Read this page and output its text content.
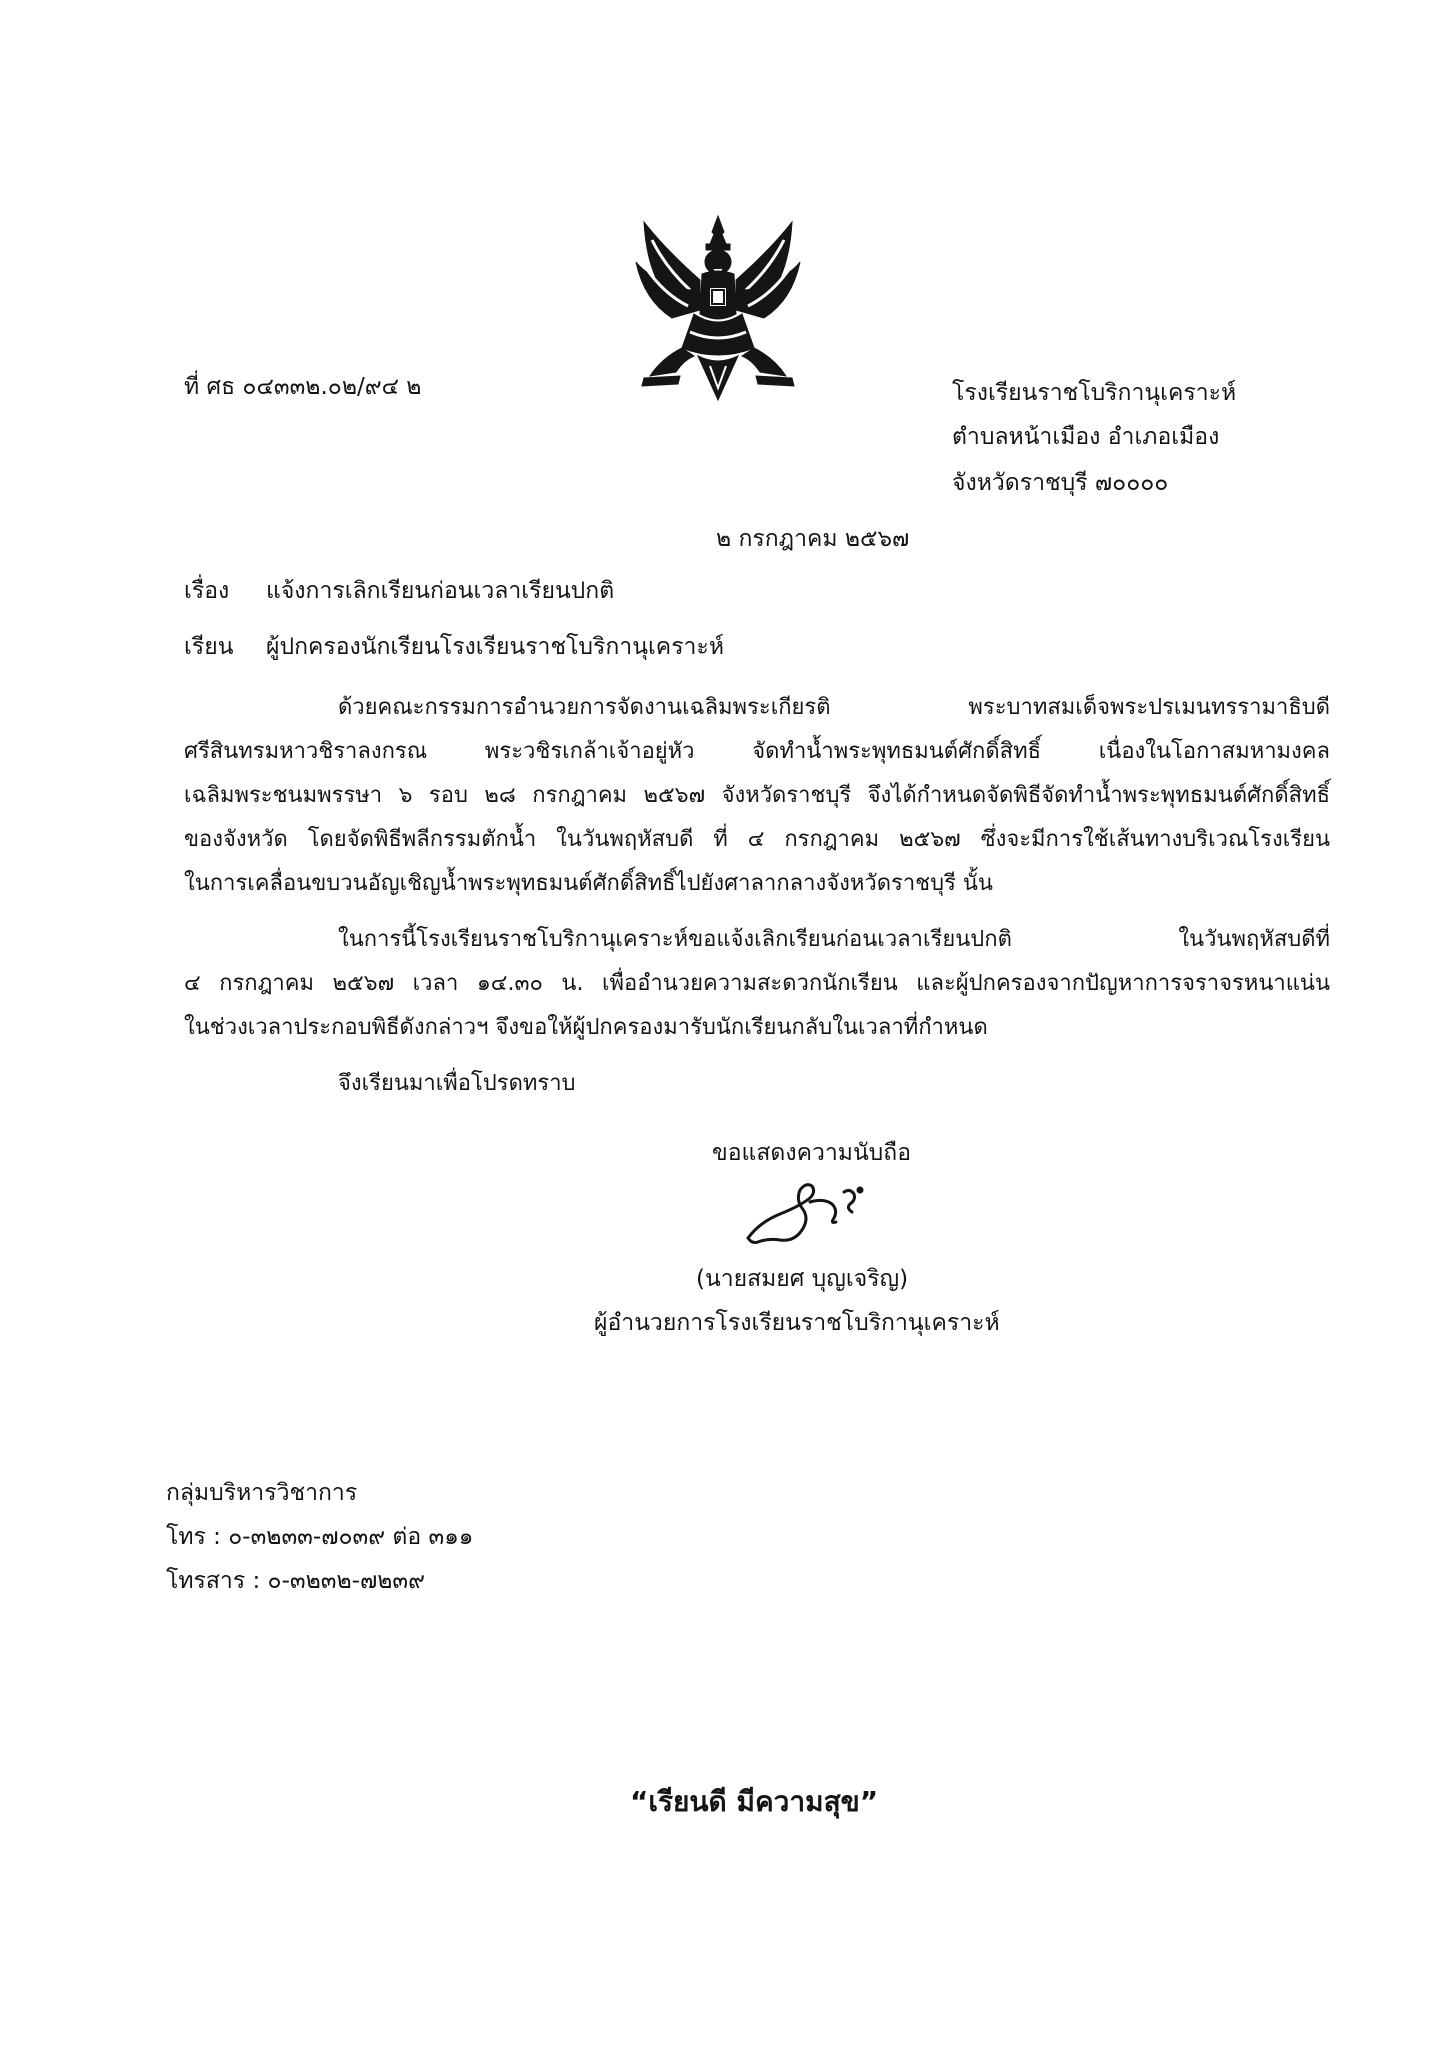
ที่ ศธ ๐๔๓๓๒.๐๒/๙๔ ๒	โรงเรียนราชโบริกานุเคราะห์
ตำบลหน้าเมือง อำเภอเมือง
จังหวัดราชบุรี ๗๐๐๐๐
๒ กรกฎาคม ๒๕๖๗
เรื่อง แจ้งการเลิกเรียนก่อนเวลาเรียนปกติ
เรียน ผู้ปกครองนักเรียนโรงเรียนราชโบริกานุเคราะห์
ด้วยคณะกรรมการอำนวยการจัดงานเฉลิมพระเกียรติ พระบาทสมเด็จพระปรเมนทรรามาธิบดี
ศรีสินทรมหาวชิราลงกรณ พระวชิรเกล้าเจ้าอยู่หัว จัดทำน้ำพระพุทธมนต์ศักดิ์สิทธิ์ เนื่องในโอกาสมหามงคล
เฉลิมพระชนมพรรษา ๖ รอบ ๒๘ กรกฎาคม ๒๕๖๗ จังหวัดราชบุรี จึงได้กำหนดจัดพิธีจัดทำน้ำพระพุทธมนต์ศักดิ์สิทธิ์
ของจังหวัด โดยจัดพิธีพลีกรรมตักน้ำ ในวันพฤหัสบดี ที่ ๔ กรกฎาคม ๒๕๖๗ ซึ่งจะมีการใช้เส้นทางบริเวณโรงเรียน
ในการเคลื่อนขบวนอัญเชิญน้ำพระพุทธมนต์ศักดิ์สิทธิ์ไปยังศาลากลางจังหวัดราชบุรี นั้น
ในการนี้โรงเรียนราชโบริกานุเคราะห์ขอแจ้งเลิกเรียนก่อนเวลาเรียนปกติ ในวันพฤหัสบดีที่
๔ กรกฎาคม ๒๕๖๗ เวลา ๑๔.๓๐ น. เพื่ออำนวยความสะดวกนักเรียน และผู้ปกครองจากปัญหาการจราจรหนาแน่น
ในช่วงเวลาประกอบพิธีดังกล่าวฯ จึงขอให้ผู้ปกครองมารับนักเรียนกลับในเวลาที่กำหนด
จึงเรียนมาเพื่อโปรดทราบ
ขอแสดงความนับถือ
(นายสมยศ บุญเจริญ)
ผู้อำนวยการโรงเรียนราชโบริกานุเคราะห์
กลุ่มบริหารวิชาการ
โทร : ๐-๓๒๓๓-๗๐๓๙ ต่อ ๓๑๑
โทรสาร : ๐-๓๒๓๒-๗๒๓๙
“เรียนดี มีความสุข”
